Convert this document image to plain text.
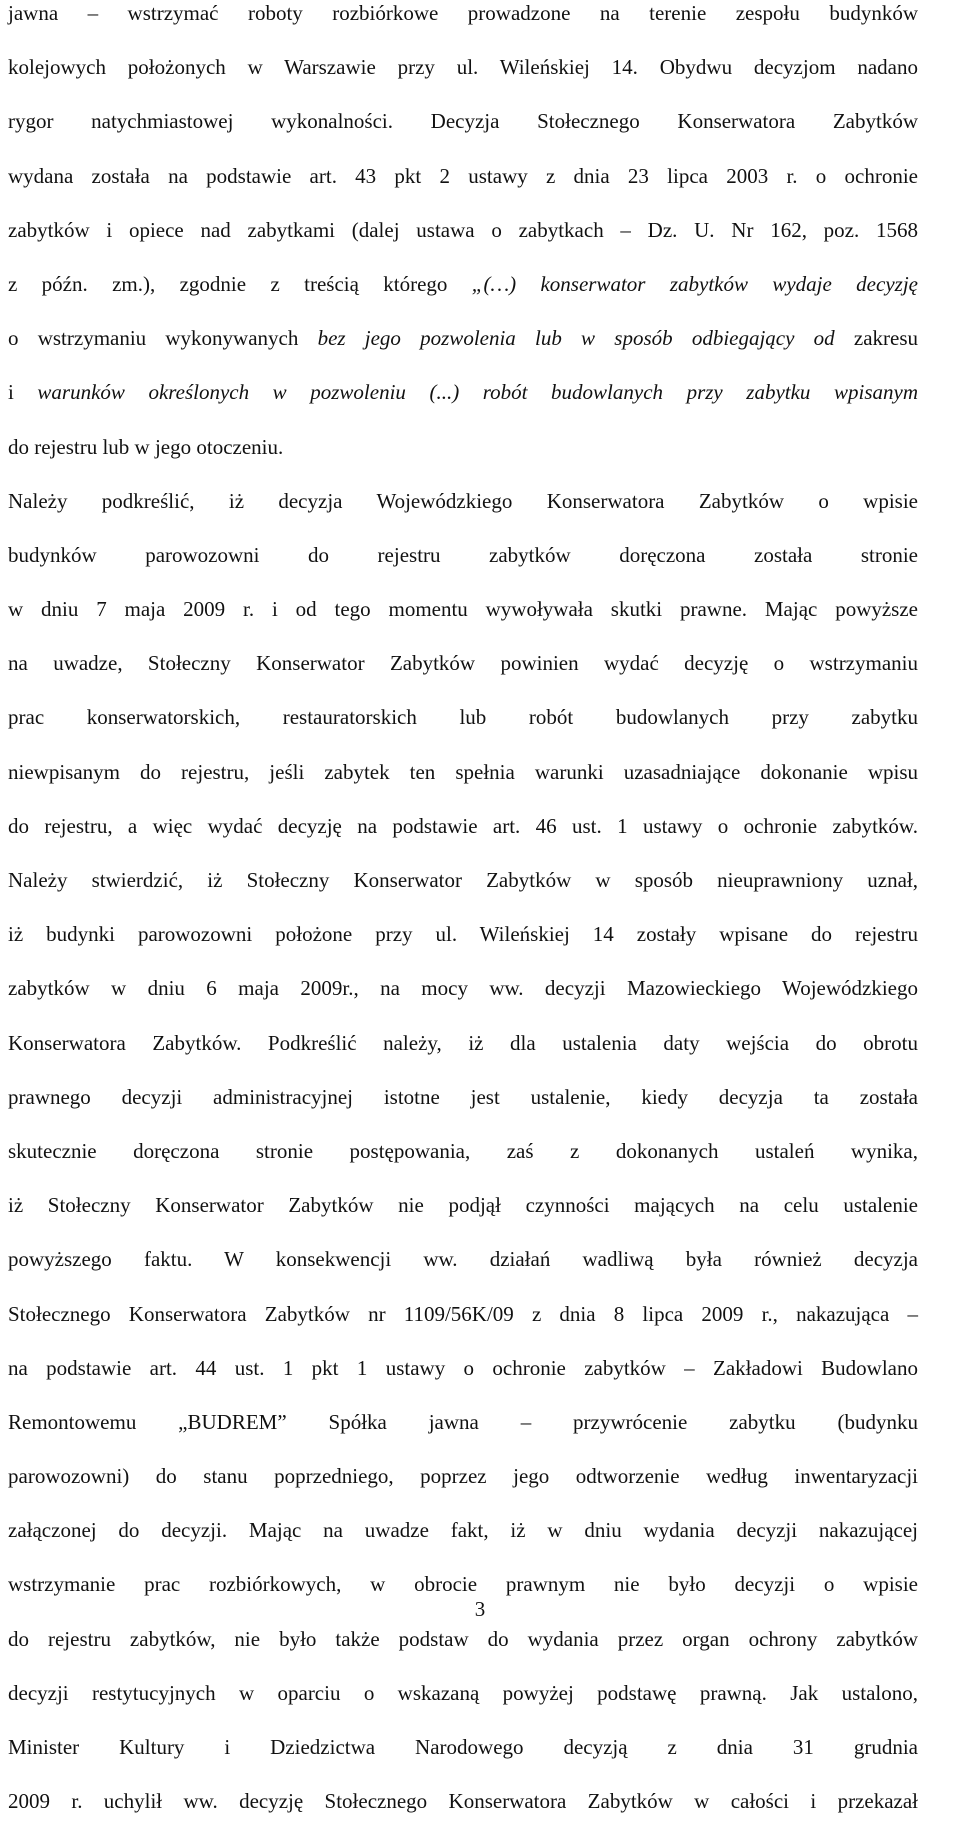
jawna – wstrzymać roboty rozbiórkowe prowadzone na terenie zespołu budynków
kolejowych położonych w Warszawie przy ul. Wileńskiej 14. Obydwu decyzjom nadano
rygor natychmiastowej wykonalności. Decyzja Stołecznego Konserwatora Zabytków
wydana została na podstawie art. 43 pkt 2 ustawy z dnia 23 lipca 2003 r. o ochronie
zabytków i opiece nad zabytkami (dalej ustawa o zabytkach – Dz. U. Nr 162, poz. 1568
z późn. zm.), zgodnie z treścią którego „(…) konserwator zabytków wydaje decyzję
o wstrzymaniu wykonywanych bez jego pozwolenia lub w sposób odbiegający od zakresu
i warunków określonych w pozwoleniu (...) robót budowlanych przy zabytku wpisanym
do rejestru lub w jego otoczeniu.
Należy podkreślić, iż decyzja Wojewódzkiego Konserwatora Zabytków o wpisie
budynków parowozowni do rejestru zabytków doręczona została stronie
w dniu 7 maja 2009 r. i od tego momentu wywoływała skutki prawne. Mając powyższe
na uwadze, Stołeczny Konserwator Zabytków powinien wydać decyzję o wstrzymaniu
prac konserwatorskich, restauratorskich lub robót budowlanych przy zabytku
niewpisanym do rejestru, jeśli zabytek ten spełnia warunki uzasadniające dokonanie wpisu
do rejestru, a więc wydać decyzję na podstawie art. 46 ust. 1 ustawy o ochronie zabytków.
Należy stwierdzić, iż Stołeczny Konserwator Zabytków w sposób nieuprawniony uznał,
iż budynki parowozowni położone przy ul. Wileńskiej 14 zostały wpisane do rejestru
zabytków w dniu 6 maja 2009r., na mocy ww. decyzji Mazowieckiego Wojewódzkiego
Konserwatora Zabytków. Podkreślić należy, iż dla ustalenia daty wejścia do obrotu
prawnego decyzji administracyjnej istotne jest ustalenie, kiedy decyzja ta została
skutecznie doręczona stronie postępowania, zaś z dokonanych ustaleń wynika,
iż Stołeczny Konserwator Zabytków nie podjął czynności mających na celu ustalenie
powyższego faktu. W konsekwencji ww. działań wadliwą była również decyzja
Stołecznego Konserwatora Zabytków nr 1109/56K/09 z dnia 8 lipca 2009 r., nakazująca –
na podstawie art. 44 ust. 1 pkt 1 ustawy o ochronie zabytków – Zakładowi Budowlano
Remontowemu „BUDREM” Spółka jawna – przywrócenie zabytku (budynku
parowozowni) do stanu poprzedniego, poprzez jego odtworzenie według inwentaryzacji
załączonej do decyzji. Mając na uwadze fakt, iż w dniu wydania decyzji nakazującej
wstrzymanie prac rozbiórkowych, w obrocie prawnym nie było decyzji o wpisie
do rejestru zabytków, nie było także podstaw do wydania przez organ ochrony zabytków
decyzji restytucyjnych w oparciu o wskazaną powyżej podstawę prawną. Jak ustalono,
Minister Kultury i Dziedzictwa Narodowego decyzją z dnia 31 grudnia
2009 r. uchylił ww. decyzję Stołecznego Konserwatora Zabytków w całości i przekazał
3
